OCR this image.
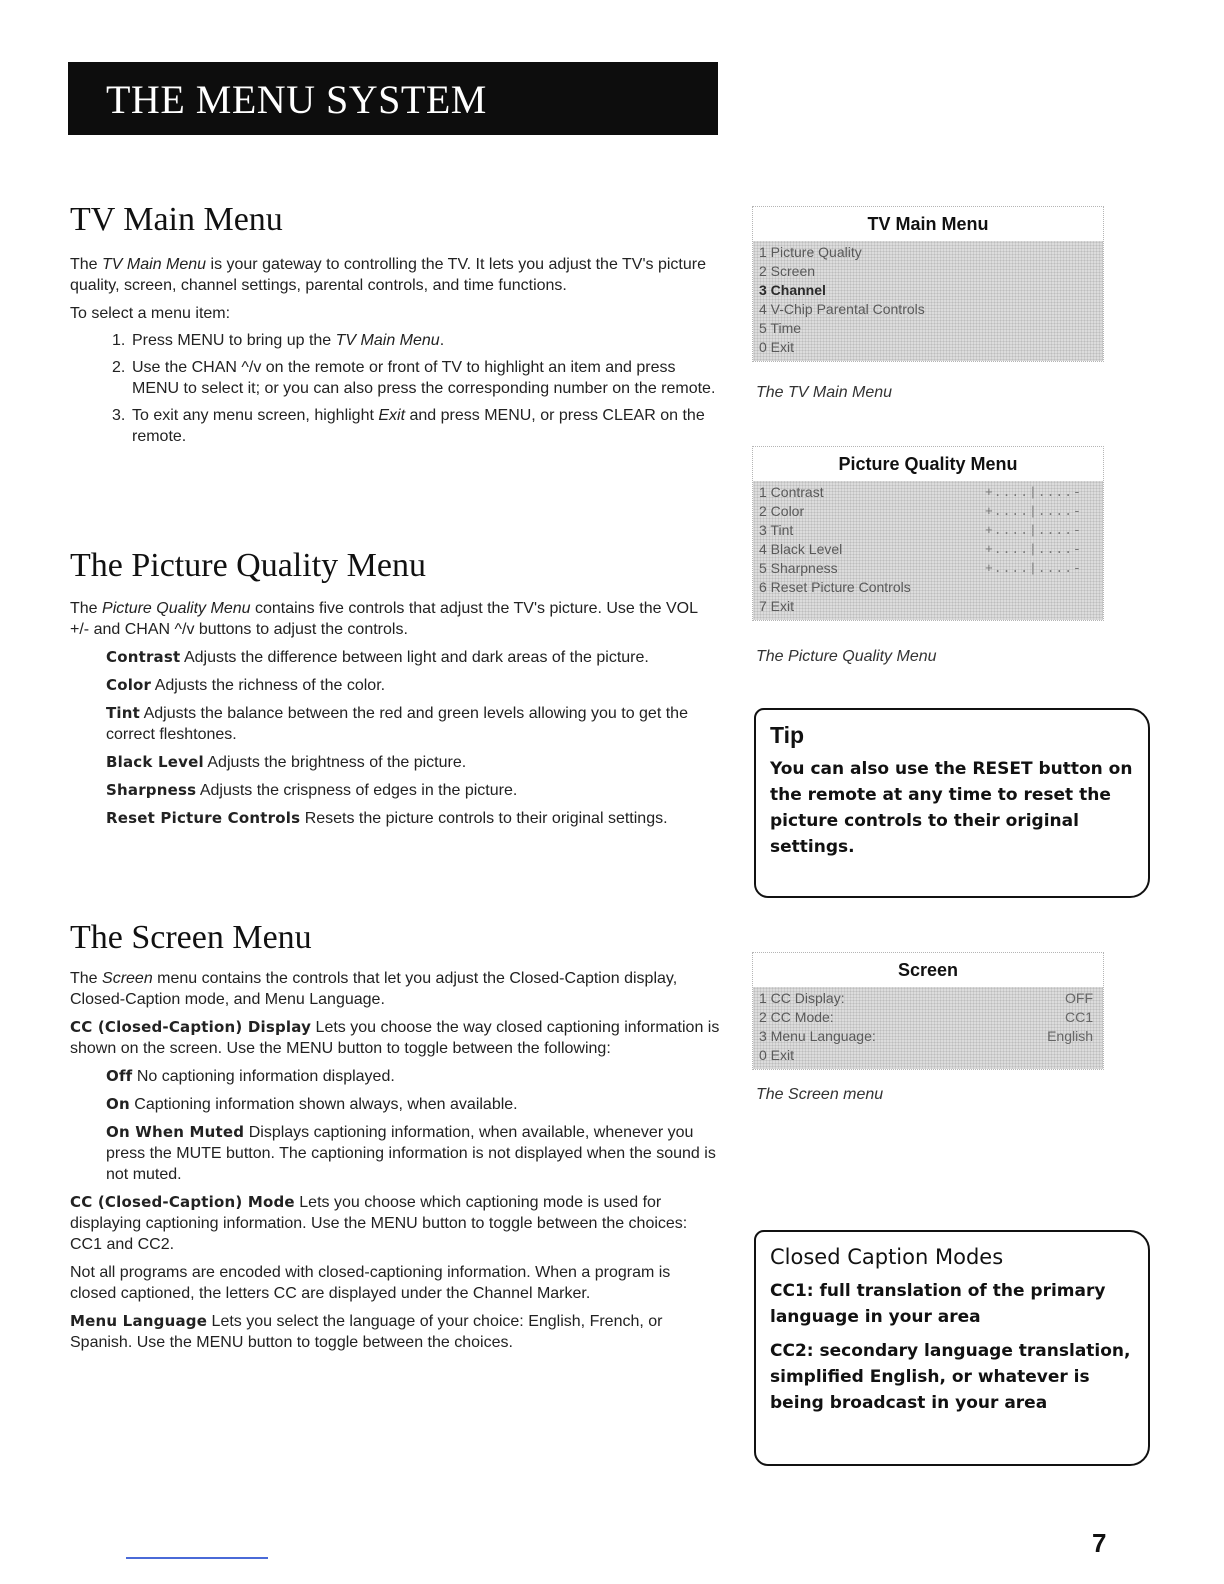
THE MENU SYSTEM
TV Main Menu

The TV Main Menu is your gateway to controlling the TV. It lets you adjust the TV's picture quality, screen, channel settings, parental controls, and time functions.

To select a menu item:

1. Press MENU to bring up the TV Main Menu.
2. Use the CHAN ^/v on the remote or front of TV to highlight an item and press MENU to select it; or you can also press the corresponding number on the remote.
3. To exit any menu screen, highlight Exit and press MENU, or press CLEAR on the remote.
The Picture Quality Menu

The Picture Quality Menu contains five controls that adjust the TV's picture. Use the VOL +/- and CHAN ^/v buttons to adjust the controls.

Contrast Adjusts the difference between light and dark areas of the picture.

Color Adjusts the richness of the color.

Tint Adjusts the balance between the red and green levels allowing you to get the correct fleshtones.

Black Level Adjusts the brightness of the picture.

Sharpness Adjusts the crispness of edges in the picture.

Reset Picture Controls Resets the picture controls to their original settings.

The Screen Menu

The Screen menu contains the controls that let you adjust the Closed-Caption display, Closed-Caption mode, and Menu Language.

CC (Closed-Caption) Display Lets you choose the way closed captioning information is shown on the screen. Use the MENU button to toggle between the following:

Off No captioning information displayed.

On Captioning information shown always, when available.

On When Muted Displays captioning information, when available, whenever you press the MUTE button. The captioning information is not displayed when the sound is not muted.

CC (Closed-Caption) Mode Lets you choose which captioning mode is used for displaying captioning information. Use the MENU button to toggle between the choices: CC1 and CC2.

Not all programs are encoded with closed-captioning information. When a program is closed captioned, the letters CC are displayed under the Channel Marker.

Menu Language Lets you select the language of your choice: English, French, or Spanish. Use the MENU button to toggle between the choices.

TV Main Menu
1 Picture Quality
2 Screen
3 Channel
4 V-Chip Parental Controls
5 Time
0 Exit
The TV Main Menu
Picture Quality Menu
1 Contrast	+....|....-
2 Color	+....|....-
3 Tint	+....|....-
4 Black Level	+....|....-
5 Sharpness	+....|....-
6 Reset Picture Controls
7 Exit
The Picture Quality Menu
Tip
You can also use the RESET button on the remote at any time to reset the picture controls to their original settings.
Screen
1 CC Display:	OFF
2 CC Mode:	CC1
3 Menu Language:	English
0 Exit
The Screen menu
Closed Caption Modes
CC1: full translation of the primary language in your area
CC2: secondary language translation, simplified English, or whatever is being broadcast in your area
7
